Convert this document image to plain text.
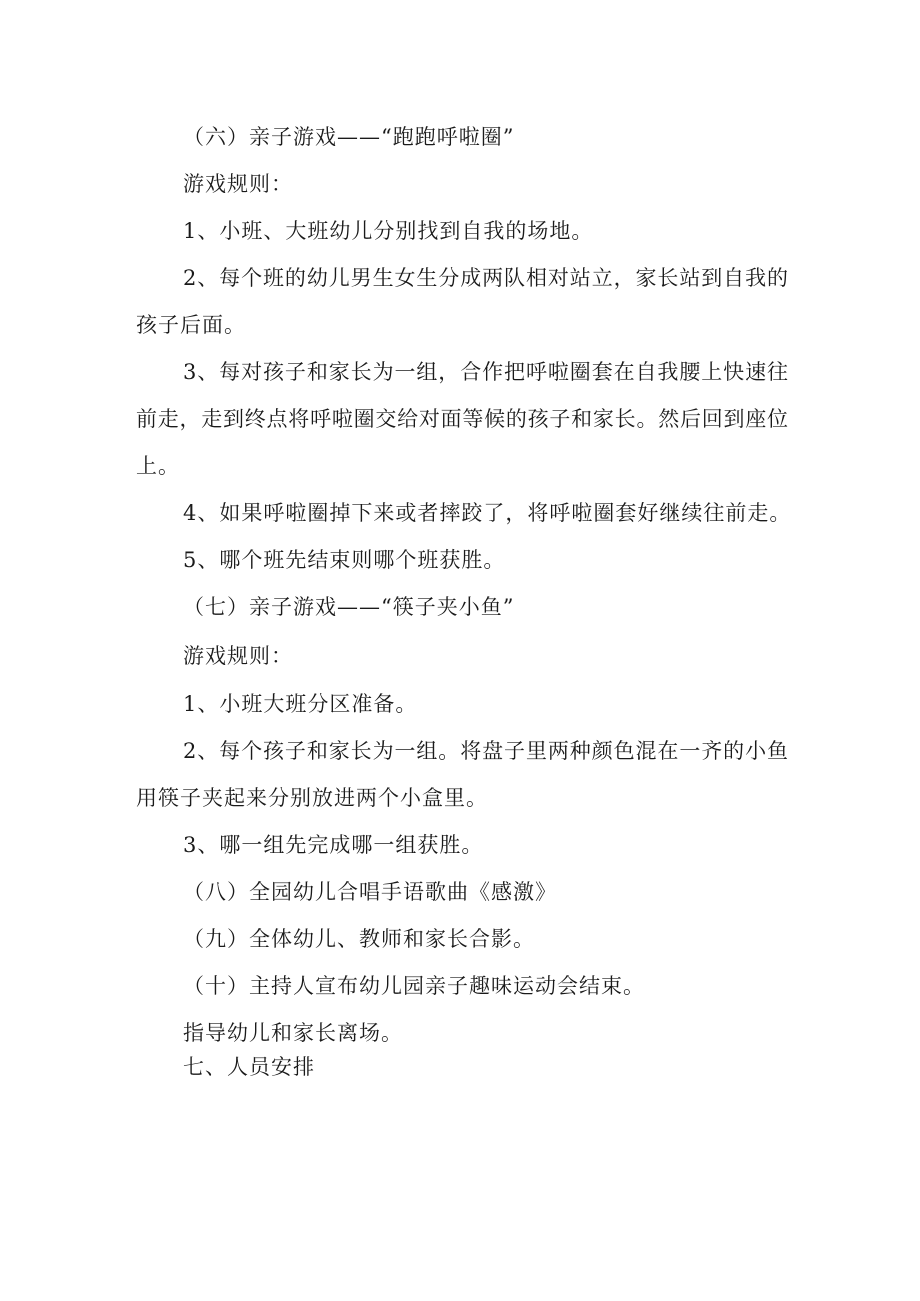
（六）亲子游戏——“跑跑呼啦圈”
游戏规则：
1、小班、大班幼儿分别找到自我的场地。
2、每个班的幼儿男生女生分成两队相对站立，家长站到自我的
孩子后面。
3、每对孩子和家长为一组，合作把呼啦圈套在自我腰上快速往
前走，走到终点将呼啦圈交给对面等候的孩子和家长。然后回到座位
上。
4、如果呼啦圈掉下来或者摔跤了，将呼啦圈套好继续往前走。
5、哪个班先结束则哪个班获胜。
（七）亲子游戏——“筷子夹小鱼”
游戏规则：
1、小班大班分区准备。
2、每个孩子和家长为一组。将盘子里两种颜色混在一齐的小鱼
用筷子夹起来分别放进两个小盒里。
3、哪一组先完成哪一组获胜。
（八）全园幼儿合唱手语歌曲《感激》
（九）全体幼儿、教师和家长合影。
（十）主持人宣布幼儿园亲子趣味运动会结束。
指导幼儿和家长离场。
七、人员安排
